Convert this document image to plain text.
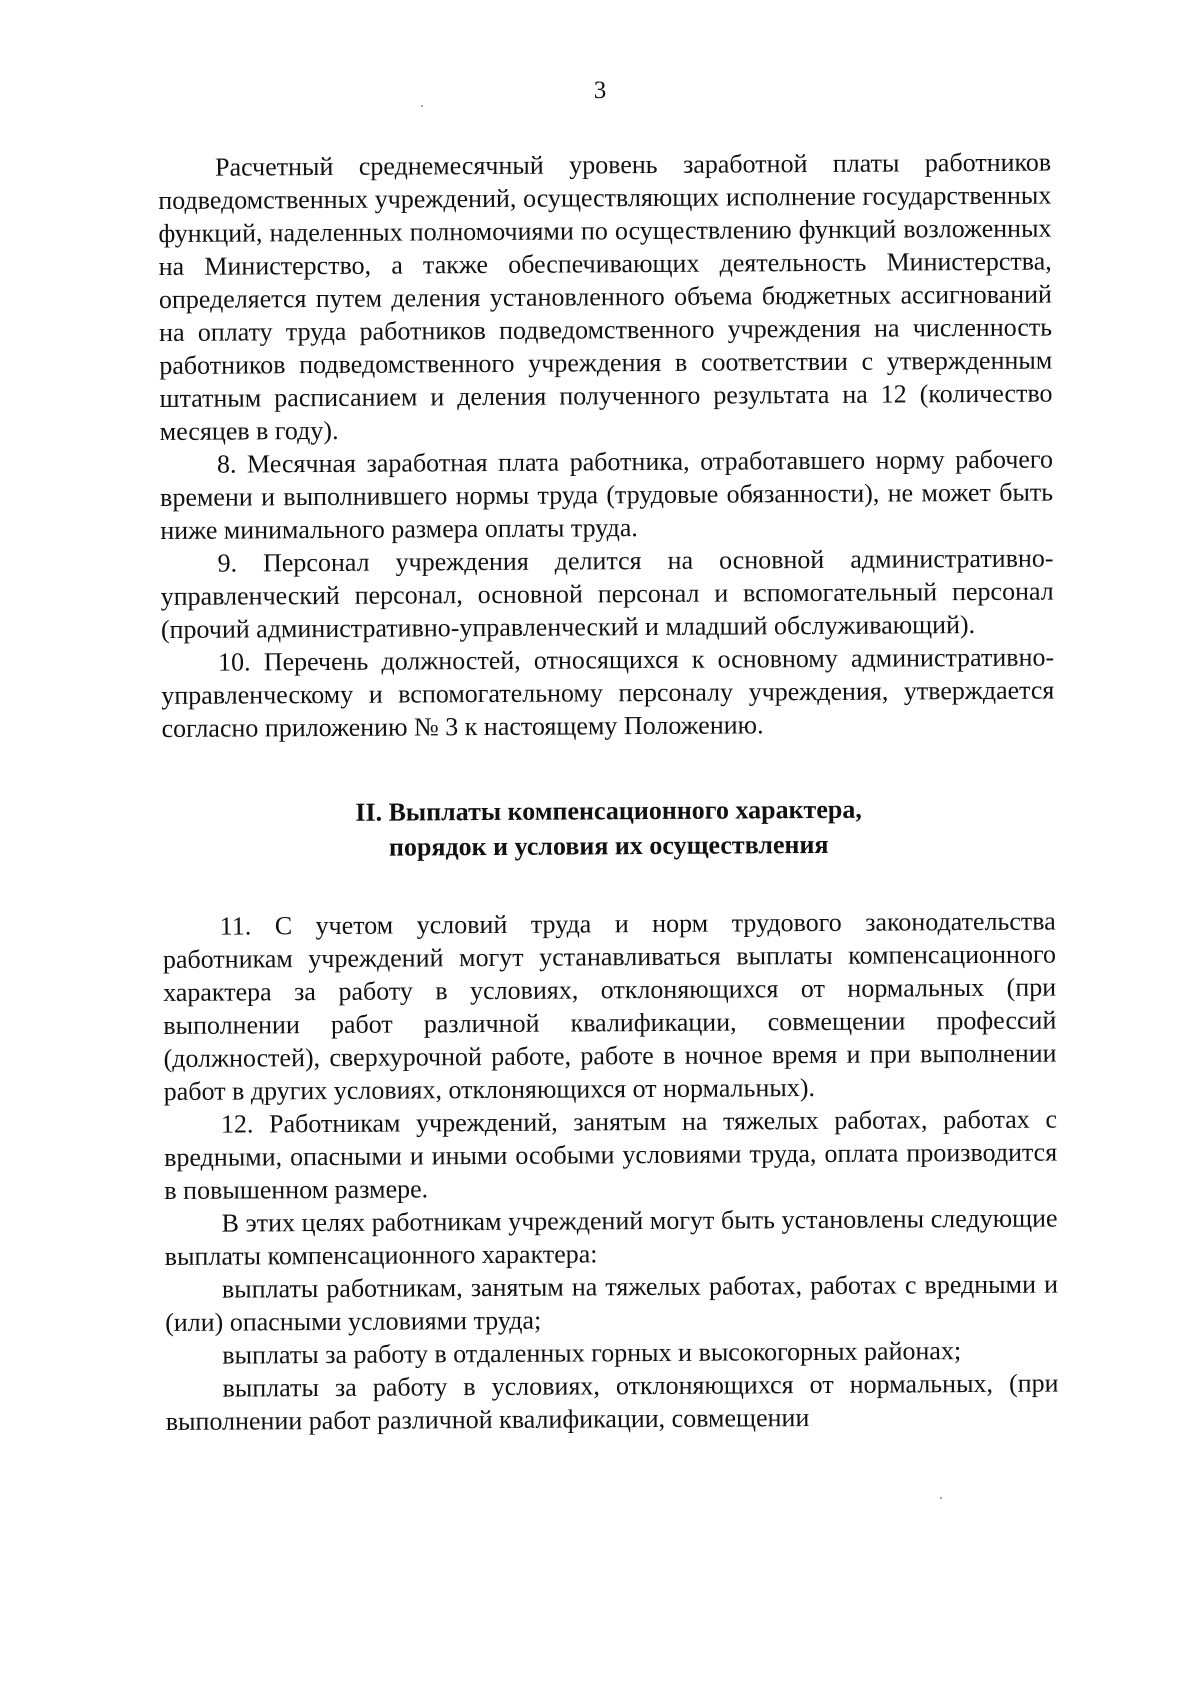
3

Расчетный среднемесячный уровень заработной платы работников подведомственных учреждений, осуществляющих исполнение государственных функций, наделенных полномочиями по осуществлению функций возложенных на Министерство, а также обеспечивающих деятельность Министерства, определяется путем деления установленного объема бюджетных ассигнований на оплату труда работников подведомственного учреждения на численность работников подведомственного учреждения в соответствии с утвержденным штатным расписанием и деления полученного результата на 12 (количество месяцев в году).

8. Месячная заработная плата работника, отработавшего норму рабочего времени и выполнившего нормы труда (трудовые обязанности), не может быть ниже минимального размера оплаты труда.

9. Персонал учреждения делится на основной административно-управленческий персонал, основной персонал и вспомогательный персонал (прочий административно-управленческий и младший обслуживающий).

10. Перечень должностей, относящихся к основному административно-управленческому и вспомогательному персоналу учреждения, утверждается согласно приложению № 3 к настоящему Положению.

II. Выплаты компенсационного характера,
порядок и условия их осуществления

11. С учетом условий труда и норм трудового законодательства работникам учреждений могут устанавливаться выплаты компенсационного характера за работу в условиях, отклоняющихся от нормальных (при выполнении работ различной квалификации, совмещении профессий (должностей), сверхурочной работе, работе в ночное время и при выполнении работ в других условиях, отклоняющихся от нормальных).

12. Работникам учреждений, занятым на тяжелых работах, работах с вредными, опасными и иными особыми условиями труда, оплата производится в повышенном размере.

В этих целях работникам учреждений могут быть установлены следующие выплаты компенсационного характера:

выплаты работникам, занятым на тяжелых работах, работах с вредными и (или) опасными условиями труда;

выплаты за работу в отдаленных горных и высокогорных районах;

выплаты за работу в условиях, отклоняющихся от нормальных, (при выполнении работ различной квалификации, совмещении
